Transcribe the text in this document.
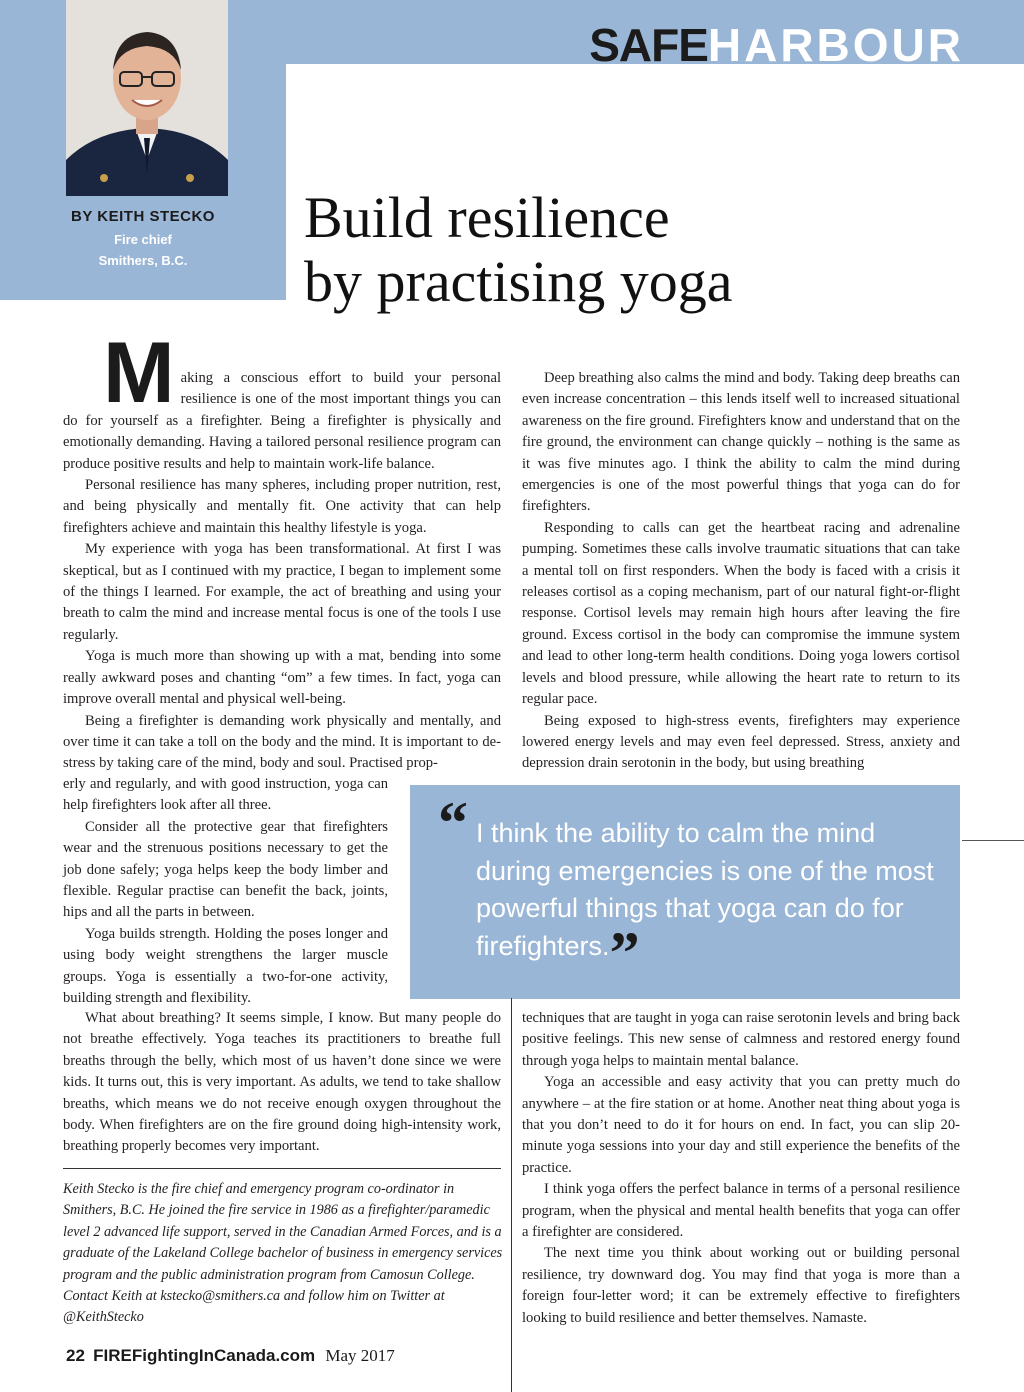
SAFEHARBOUR
BY KEITH STECKO
Fire chief
Smithers, B.C.
Build resilience
by practising yoga

Making a conscious effort to build your personal resilience is one of the most important things you can do for yourself as a firefighter. Being a firefighter is physically and emotionally demanding. Having a tailored personal resilience program can produce positive results and help to maintain work-life balance.

Personal resilience has many spheres, including proper nutrition, rest, and being physically and mentally fit. One activity that can help firefighters achieve and maintain this healthy lifestyle is yoga.

My experience with yoga has been transformational. At first I was skeptical, but as I continued with my practice, I began to implement some of the things I learned. For example, the act of breathing and using your breath to calm the mind and increase mental focus is one of the tools I use regularly.

Yoga is much more than showing up with a mat, bending into some really awkward poses and chanting “om” a few times. In fact, yoga can improve overall mental and physical well-being.

Being a firefighter is demanding work physically and mentally, and over time it can take a toll on the body and the mind. It is important to de-stress by taking care of the mind, body and soul. Practised prop-

erly and regularly, and with good instruction, yoga can help firefighters look after all three.

Consider all the protective gear that firefighters wear and the strenuous positions necessary to get the job done safely; yoga helps keep the body limber and flexible. Regular practise can benefit the back, joints, hips and all the parts in between.

Yoga builds strength. Holding the poses longer and using body weight strengthens the larger muscle groups. Yoga is essentially a two-for-one activity, building strength and flexibility.

What about breathing? It seems simple, I know. But many people do not breathe effectively. Yoga teaches its practitioners to breathe full breaths through the belly, which most of us haven’t done since we were kids. It turns out, this is very important. As adults, we tend to take shallow breaths, which means we do not receive enough oxygen throughout the body. When firefighters are on the fire ground doing high-intensity work, breathing properly becomes very important.

Deep breathing also calms the mind and body. Taking deep breaths can even increase concentration – this lends itself well to increased situational awareness on the fire ground. Firefighters know and understand that on the fire ground, the environment can change quickly – nothing is the same as it was five minutes ago. I think the ability to calm the mind during emergencies is one of the most powerful things that yoga can do for firefighters.

Responding to calls can get the heartbeat racing and adrenaline pumping. Sometimes these calls involve traumatic situations that can take a mental toll on first responders. When the body is faced with a crisis it releases cortisol as a coping mechanism, part of our natural fight-or-flight response. Cortisol levels may remain high hours after leaving the fire ground. Excess cortisol in the body can compromise the immune system and lead to other long-term health conditions. Doing yoga lowers cortisol levels and blood pressure, while allowing the heart rate to return to its regular pace.

Being exposed to high-stress events, firefighters may experience lowered energy levels and may even feel depressed. Stress, anxiety and depression drain serotonin in the body, but using breathing

“ I think the ability to calm the mind during emergencies is one of the most powerful things that yoga can do for firefighters.”

techniques that are taught in yoga can raise serotonin levels and bring back positive feelings. This new sense of calmness and restored energy found through yoga helps to maintain mental balance.

Yoga an accessible and easy activity that you can pretty much do anywhere – at the fire station or at home. Another neat thing about yoga is that you don’t need to do it for hours on end. In fact, you can slip 20-minute yoga sessions into your day and still experience the benefits of the practice.

I think yoga offers the perfect balance in terms of a personal resilience program, when the physical and mental health benefits that yoga can offer a firefighter are considered.

The next time you think about working out or building personal resilience, try downward dog. You may find that yoga is more than a foreign four-letter word; it can be extremely effective to firefighters looking to build resilience and better themselves. Namaste.

Keith Stecko is the fire chief and emergency program co-ordinator in Smithers, B.C. He joined the fire service in 1986 as a firefighter/paramedic level 2 advanced life support, served in the Canadian Armed Forces, and is a graduate of the Lakeland College bachelor of business in emergency services program and the public administration program from Camosun College. Contact Keith at kstecko@smithers.ca and follow him on Twitter at @KeithStecko

22 FIREFightingInCanada.com May 2017
